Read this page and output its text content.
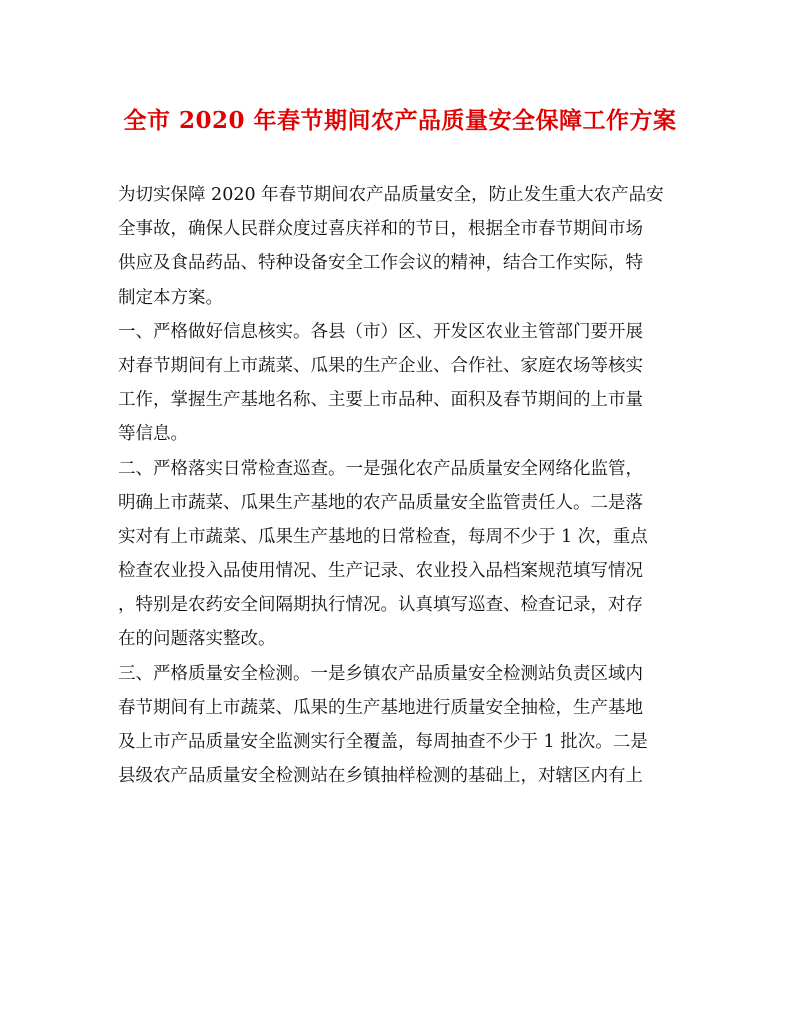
全市 2020 年春节期间农产品质量安全保障工作方案
为切实保障 2020 年春节期间农产品质量安全，防止发生重大农产品安
全事故，确保人民群众度过喜庆祥和的节日，根据全市春节期间市场
供应及食品药品、特种设备安全工作会议的精神，结合工作实际，特
制定本方案。
一、严格做好信息核实。各县（市）区、开发区农业主管部门要开展
对春节期间有上市蔬菜、瓜果的生产企业、合作社、家庭农场等核实
工作，掌握生产基地名称、主要上市品种、面积及春节期间的上市量
等信息。
二、严格落实日常检查巡查。一是强化农产品质量安全网络化监管，
明确上市蔬菜、瓜果生产基地的农产品质量安全监管责任人。二是落
实对有上市蔬菜、瓜果生产基地的日常检查，每周不少于 1 次，重点
检查农业投入品使用情况、生产记录、农业投入品档案规范填写情况
，特别是农药安全间隔期执行情况。认真填写巡查、检查记录，对存
在的问题落实整改。
三、严格质量安全检测。一是乡镇农产品质量安全检测站负责区域内
春节期间有上市蔬菜、瓜果的生产基地进行质量安全抽检，生产基地
及上市产品质量安全监测实行全覆盖，每周抽查不少于 1 批次。二是
县级农产品质量安全检测站在乡镇抽样检测的基础上，对辖区内有上
